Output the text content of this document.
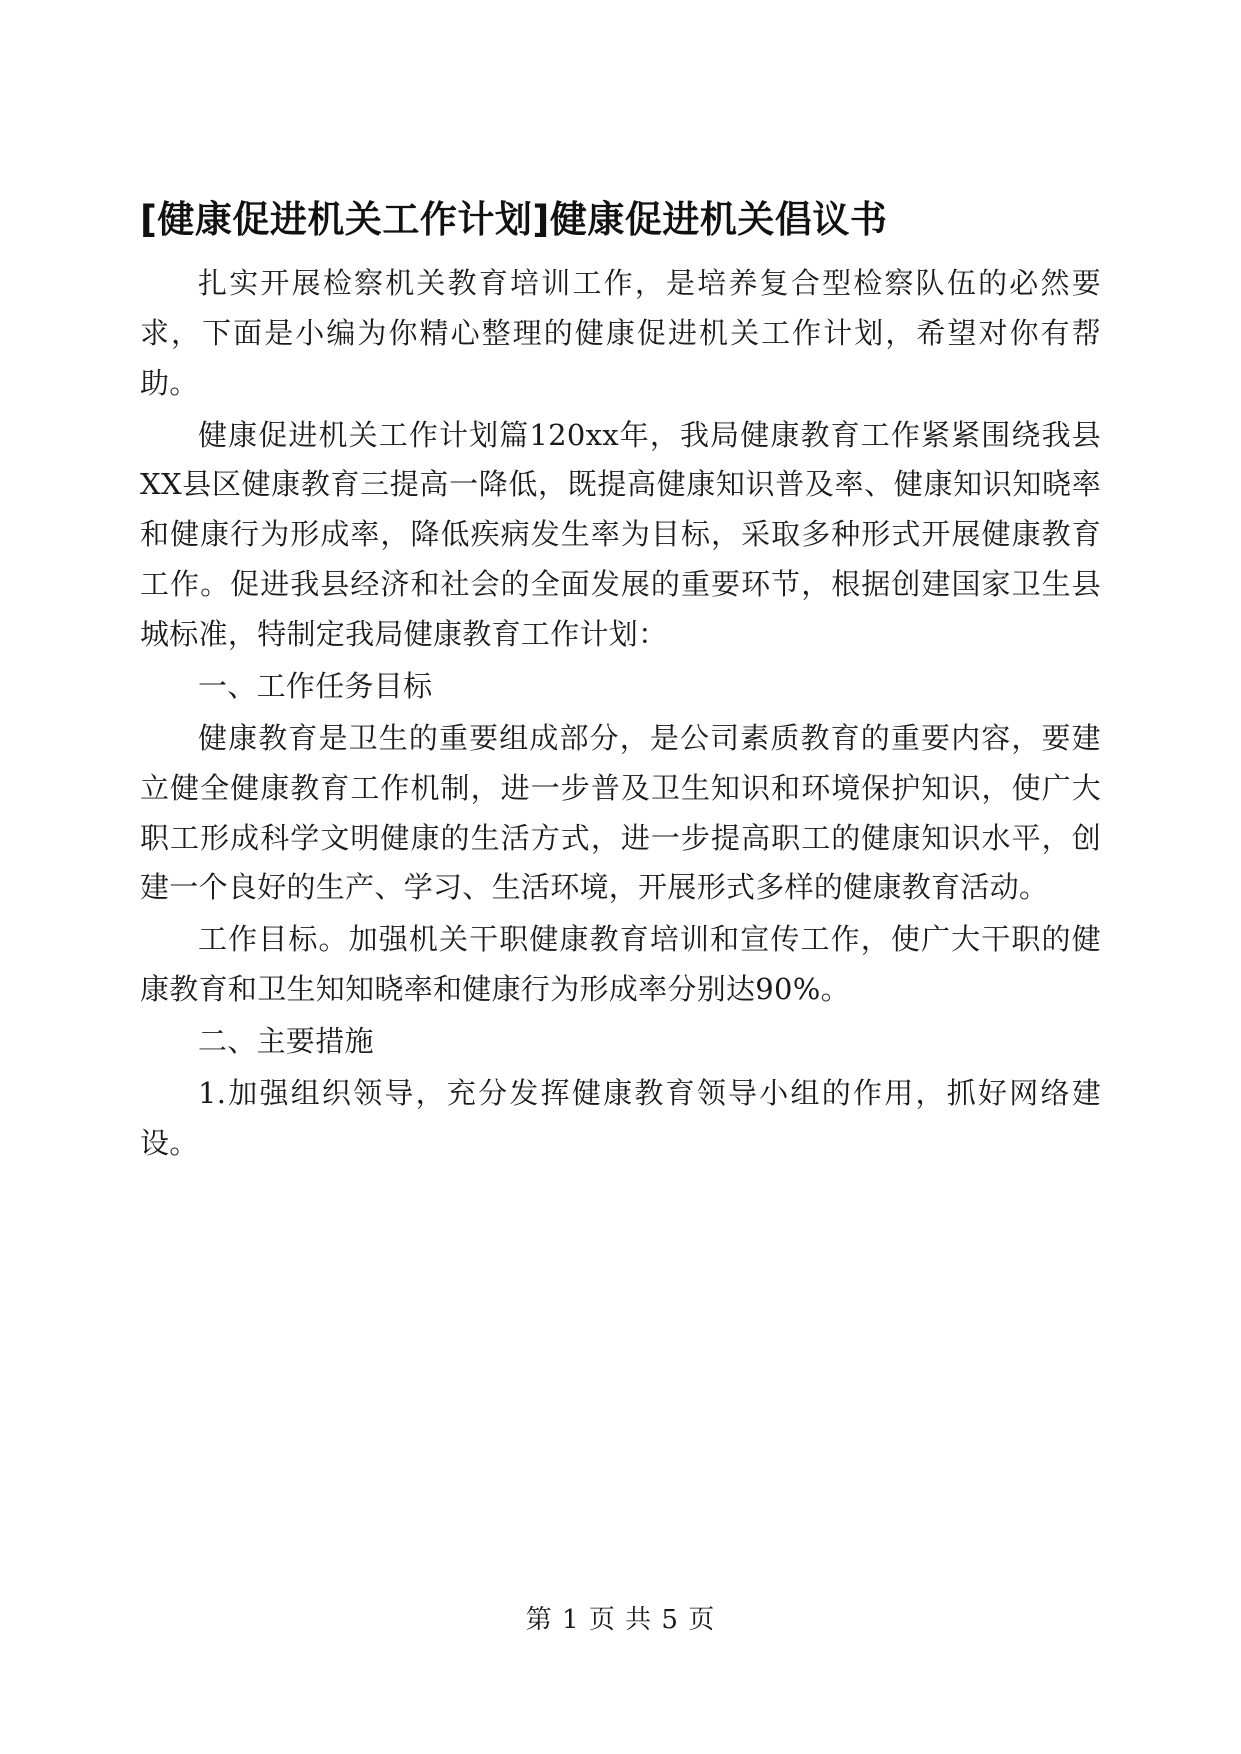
[健康促进机关工作计划]健康促进机关倡议书

扎实开展检察机关教育培训工作，是培养复合型检察队伍的必然要求，下面是小编为你精心整理的健康促进机关工作计划，希望对你有帮助。

健康促进机关工作计划篇120xx年，我局健康教育工作紧紧围绕我县XX县区健康教育三提高一降低，既提高健康知识普及率、健康知识知晓率和健康行为形成率，降低疾病发生率为目标，采取多种形式开展健康教育工作。促进我县经济和社会的全面发展的重要环节，根据创建国家卫生县城标准，特制定我局健康教育工作计划：

一、工作任务目标

健康教育是卫生的重要组成部分，是公司素质教育的重要内容，要建立健全健康教育工作机制，进一步普及卫生知识和环境保护知识，使广大职工形成科学文明健康的生活方式，进一步提高职工的健康知识水平，创建一个良好的生产、学习、生活环境，开展形式多样的健康教育活动。

工作目标。加强机关干职健康教育培训和宣传工作，使广大干职的健康教育和卫生知知晓率和健康行为形成率分别达90%。

二、主要措施

1.加强组织领导，充分发挥健康教育领导小组的作用，抓好网络建设。

第 1 页 共 5 页
